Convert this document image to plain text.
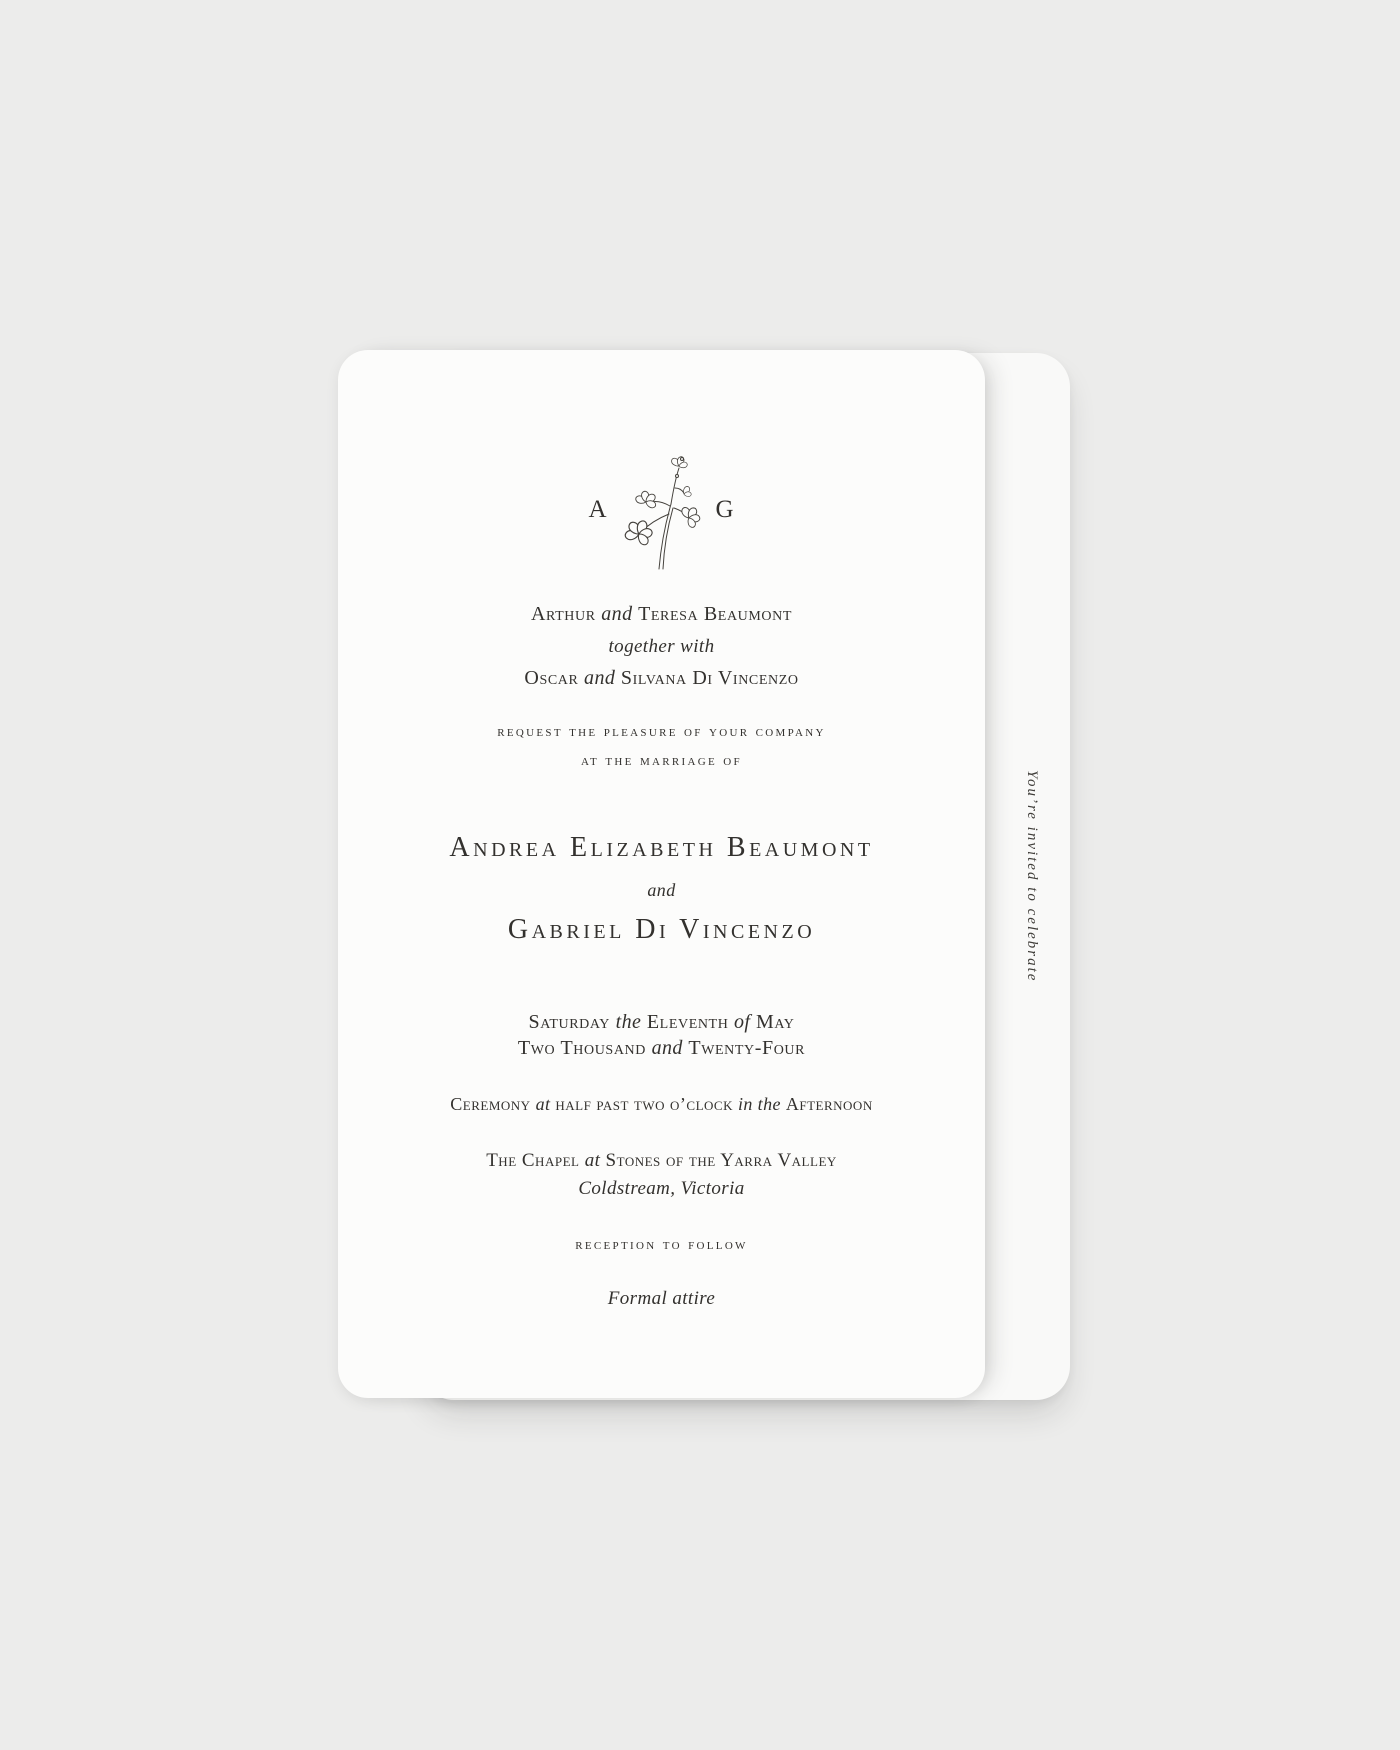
You’re invited to celebrate
A	G
Arthur and Teresa Beaumont
together with
Oscar and Silvana Di Vincenzo
request the pleasure of your company
at the marriage of
Andrea Elizabeth Beaumont
and
Gabriel Di Vincenzo
Saturday the Eleventh of May
Two Thousand and Twenty-Four
Ceremony at half past two o’clock in the Afternoon
The Chapel at Stones of the Yarra Valley
Coldstream, Victoria
reception to follow
Formal attire
